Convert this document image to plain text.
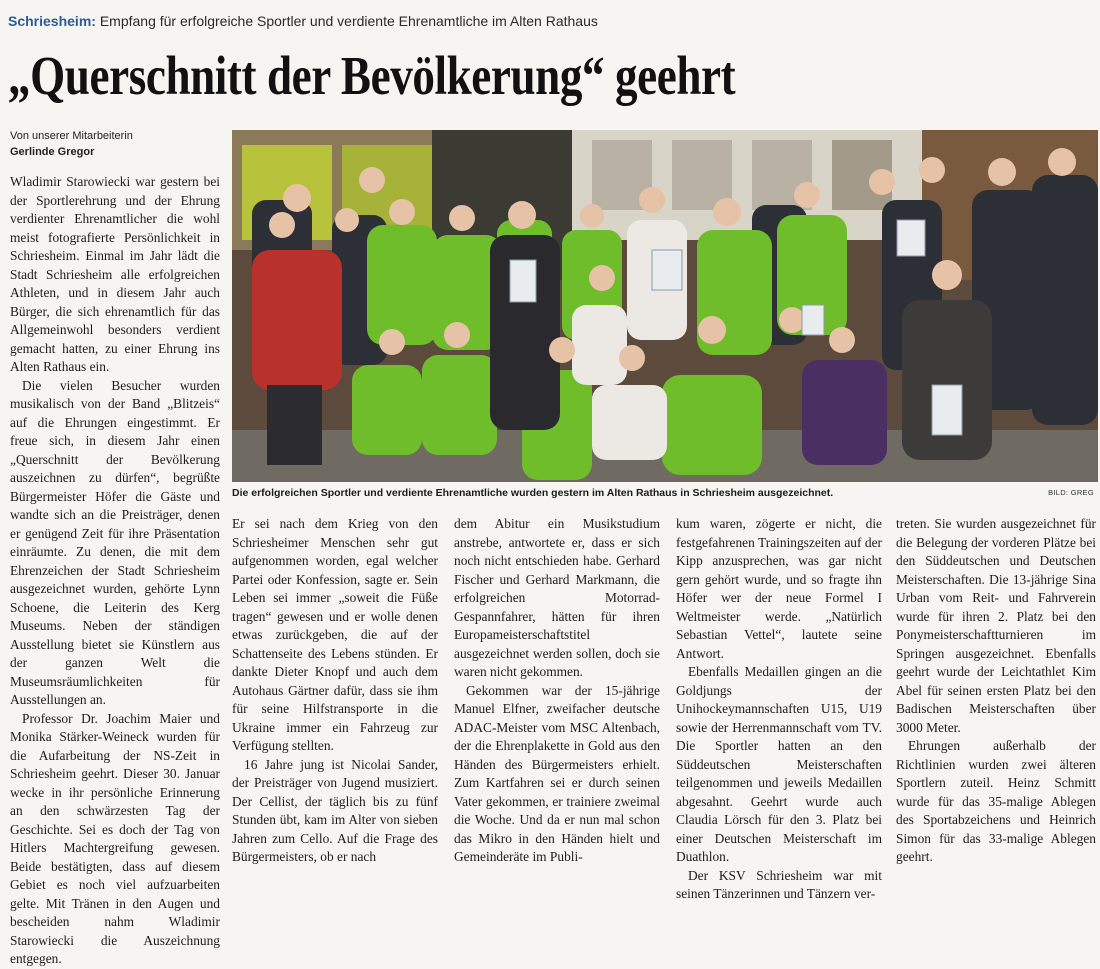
Schriesheim: Empfang für erfolgreiche Sportler und verdiente Ehrenamtliche im Alten Rathaus
„Querschnitt der Bevölkerung“ geehrt
Von unserer Mitarbeiterin
Gerlinde Gregor
Die erfolgreichen Sportler und verdiente Ehrenamtliche wurden gestern im Alten Rathaus in Schriesheim ausgezeichnet.	BILD: GREG

Wladimir Starowiecki war gestern bei der Sportlerehrung und der Ehrung verdienter Ehrenamtlicher die wohl meist fotografierte Persönlichkeit in Schriesheim. Einmal im Jahr lädt die Stadt Schriesheim alle erfolgreichen Athleten, und in diesem Jahr auch Bürger, die sich ehrenamtlich für das Allgemeinwohl besonders verdient gemacht hatten, zu einer Ehrung ins Alten Rathaus ein.

Die vielen Besucher wurden musikalisch von der Band „Blitzeis“ auf die Ehrungen eingestimmt. Er freue sich, in diesem Jahr einen „Querschnitt der Bevölkerung auszeichnen zu dürfen“, begrüßte Bürgermeister Höfer die Gäste und wandte sich an die Preisträger, denen er genügend Zeit für ihre Präsentation einräumte. Zu denen, die mit dem Ehrenzeichen der Stadt Schriesheim ausgezeichnet wurden, gehörte Lynn Schoene, die Leiterin des Kerg Museums. Neben der ständigen Ausstellung bietet sie Künstlern aus der ganzen Welt die Museumsräumlichkeiten für Ausstellungen an.

Professor Dr. Joachim Maier und Monika Stärker-Weineck wurden für die Aufarbeitung der NS-Zeit in Schriesheim geehrt. Dieser 30. Januar wecke in ihr persönliche Erinnerung an den schwärzesten Tag der Geschichte. Sei es doch der Tag von Hitlers Machtergreifung gewesen. Beide bestätigten, dass auf diesem Gebiet es noch viel aufzuarbeiten gelte. Mit Tränen in den Augen und bescheiden nahm Wladimir Starowiecki die Auszeichnung entgegen.

Er sei nach dem Krieg von den Schriesheimer Menschen sehr gut aufgenommen worden, egal welcher Partei oder Konfession, sagte er. Sein Leben sei immer „soweit die Füße tragen“ gewesen und er wolle denen etwas zurückgeben, die auf der Schattenseite des Lebens stünden. Er dankte Dieter Knopf und auch dem Autohaus Gärtner dafür, dass sie ihm für seine Hilfstransporte in die Ukraine immer ein Fahrzeug zur Verfügung stellten.

16 Jahre jung ist Nicolai Sander, der Preisträger von Jugend musiziert. Der Cellist, der täglich bis zu fünf Stunden übt, kam im Alter von sieben Jahren zum Cello. Auf die Frage des Bürgermeisters, ob er nach

dem Abitur ein Musikstudium anstrebe, antwortete er, dass er sich noch nicht entschieden habe. Gerhard Fischer und Gerhard Markmann, die erfolgreichen Motorrad-Gespannfahrer, hätten für ihren Europameisterschaftstitel ausgezeichnet werden sollen, doch sie waren nicht gekommen.

Gekommen war der 15-jährige Manuel Elfner, zweifacher deutsche ADAC-Meister vom MSC Altenbach, der die Ehrenplakette in Gold aus den Händen des Bürgermeisters erhielt. Zum Kartfahren sei er durch seinen Vater gekommen, er trainiere zweimal die Woche. Und da er nun mal schon das Mikro in den Händen hielt und Gemeinderäte im Publi-

kum waren, zögerte er nicht, die festgefahrenen Trainingszeiten auf der Kipp anzusprechen, was gar nicht gern gehört wurde, und so fragte ihn Höfer wer der neue Formel I Weltmeister werde. „Natürlich Sebastian Vettel“, lautete seine Antwort.

Ebenfalls Medaillen gingen an die Goldjungs der Unihockeymannschaften U15, U19 sowie der Herrenmannschaft vom TV. Die Sportler hatten an den Süddeutschen Meisterschaften teilgenommen und jeweils Medaillen abgesahnt. Geehrt wurde auch Claudia Lörsch für den 3. Platz bei einer Deutschen Meisterschaft im Duathlon.

Der KSV Schriesheim war mit seinen Tänzerinnen und Tänzern ver-

treten. Sie wurden ausgezeichnet für die Belegung der vorderen Plätze bei den Süddeutschen und Deutschen Meisterschaften. Die 13-jährige Sina Urban vom Reit- und Fahrverein wurde für ihren 2. Platz bei den Ponymeisterschaftturnieren im Springen ausgezeichnet. Ebenfalls geehrt wurde der Leichtathlet Kim Abel für seinen ersten Platz bei den Badischen Meisterschaften über 3000 Meter.

Ehrungen außerhalb der Richtlinien wurden zwei älteren Sportlern zuteil. Heinz Schmitt wurde für das 35-malige Ablegen des Sportabzeichens und Heinrich Simon für das 33-malige Ablegen geehrt.
